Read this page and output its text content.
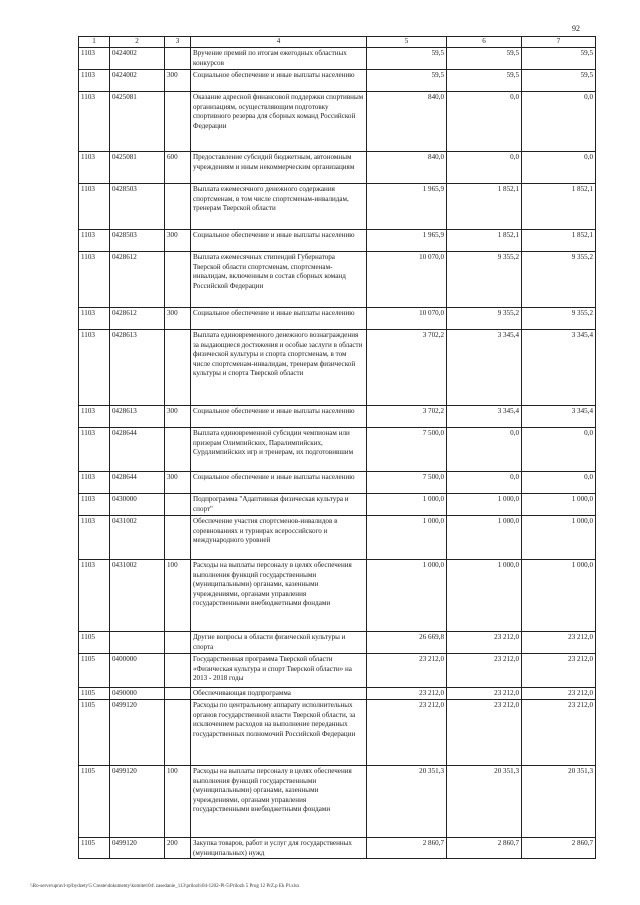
92
1	2	3	4	5	6	7
1103	0424002		Вручение премий по итогам ежегодных областных конкурсов	59,5	59,5	59,5
1103	0424002	300	Социальное обеспечение и иные выплаты населению	59,5	59,5	59,5
1103	0425081		Оказание адресной финансовой поддержки спортивным организациям, осуществляющим подготовку спортивного резерва для сборных команд Российской Федерации	840,0	0,0	0,0
1103	0425081	600	Предоставление субсидий бюджетным, автономным учреждениям и иным некоммерческим организациям	840,0	0,0	0,0
1103	0428503		Выплата ежемесячного денежного содержания спортсменам, в том числе спортсменам-инвалидам, тренерам Тверской области	1 965,9	1 852,1	1 852,1
1103	0428503	300	Социальное обеспечение и иные выплаты населению	1 965,9	1 852,1	1 852,1
1103	0428612		Выплата ежемесячных стипендий Губернатора Тверской области спортсменам, спортсменам-инвалидам, включенным в состав сборных команд Российской Федерации	10 070,0	9 355,2	9 355,2
1103	0428612	300	Социальное обеспечение и иные выплаты населению	10 070,0	9 355,2	9 355,2
1103	0428613		Выплата единовременного денежного вознаграждения за выдающиеся достижения и особые заслуги в области физической культуры и спорта спортсменам, в том числе спортсменам-инвалидам, тренерам физической культуры и спорта Тверской области	3 702,2	3 345,4	3 345,4
1103	0428613	300	Социальное обеспечение и иные выплаты населению	3 702,2	3 345,4	3 345,4
1103	0428644		Выплата единовременной субсидии чемпионам или призерам Олимпийских, Паралимпийских, Сурдлимпийских игр и тренерам, их подготовившим	7 500,0	0,0	0,0
1103	0428644	300	Социальное обеспечение и иные выплаты населению	7 500,0	0,0	0,0
1103	0430000		Подпрограмма "Адаптивная физическая культура и спорт"	1 000,0	1 000,0	1 000,0
1103	0431002		Обеспечение участия спортсменов-инвалидов в соревнованиях и турнирах всероссийского и международного уровней	1 000,0	1 000,0	1 000,0
1103	0431002	100	Расходы на выплаты персоналу в целях обеспечения выполнения функций государственными (муниципальными) органами, казенными учреждениями, органами управления государственными внебюджетными фондами	1 000,0	1 000,0	1 000,0
1105			Другие вопросы в области физической культуры и спорта	26 669,8	23 212,0	23 212,0
1105	0400000		Государственная программа Тверской области «Физическая культура и спорт Тверской области» на 2013 - 2018 годы	23 212,0	23 212,0	23 212,0
1105	0490000		Обеспечивающая подпрограмма	23 212,0	23 212,0	23 212,0
1105	0499120		Расходы по центральному аппарату исполнительных органов государственной власти Тверской области, за исключением расходов на выполнение переданных государственных полномочий Российской Федерации	23 212,0	23 212,0	23 212,0
1105	0499120	100	Расходы на выплаты персоналу в целях обеспечения выполнения функций государственными (муниципальными) органами, казенными учреждениями, органами управления государственными внебюджетными фондами	20 351,3	20 351,3	20 351,3
1105	0499120	200	Закупка товаров, работ и услуг для государственных (муниципальных) нужд	2 860,7	2 860,7	2 860,7
\\Ro-serve\upravl-rp\bydzety\5 Create\dokumenty\komitet\04\ zasedanie_113\prilozh\04-1202-Pl-5\Prilozh 5 Prog 12 PrZ.p Ek Pl.xlsx
